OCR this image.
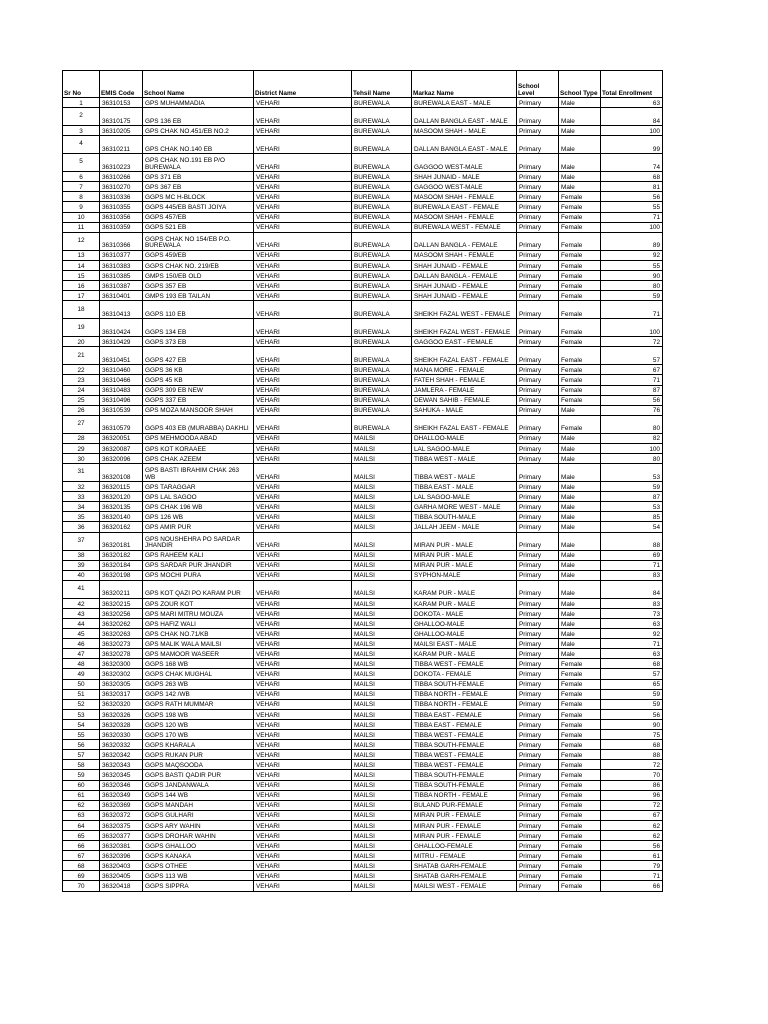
Sr No	EMIS Code	School Name	District Name	Tehsil Name	Markaz Name	School Level	School Type	Total Enrollment
1	36310153	GPS MUHAMMADIA	VEHARI	BUREWALA	BUREWALA EAST - MALE	Primary	Male	63
2	36310175	GPS 136 EB	VEHARI	BUREWALA	DALLAN BANGLA EAST - MALE	Primary	Male	84
3	36310205	GPS CHAK NO.451/EB NO.2	VEHARI	BUREWALA	MASOOM SHAH - MALE	Primary	Male	100
4	36310211	GPS CHAK NO.140 EB	VEHARI	BUREWALA	DALLAN BANGLA EAST - MALE	Primary	Male	99
5	36310223	GPS CHAK NO.191 EB P/O BUREWALA	VEHARI	BUREWALA	GAGGOO WEST-MALE	Primary	Male	74
6	36310266	GPS 371 EB	VEHARI	BUREWALA	SHAH JUNAID - MALE	Primary	Male	68
7	36310270	GPS 367 EB	VEHARI	BUREWALA	GAGGOO WEST-MALE	Primary	Male	81
8	36310336	GGPS MC H-BLOCK	VEHARI	BUREWALA	MASOOM SHAH - FEMALE	Primary	Female	56
9	36310355	GGPS 445/EB BASTI JOIYA	VEHARI	BUREWALA	BUREWALA EAST - FEMALE	Primary	Female	55
10	36310356	GGPS 457/EB	VEHARI	BUREWALA	MASOOM SHAH - FEMALE	Primary	Female	71
11	36310359	GGPS 521 EB	VEHARI	BUREWALA	BUREWALA WEST - FEMALE	Primary	Female	100
12	36310366	GGPS CHAK NO 154/EB P.O. BUREWALA	VEHARI	BUREWALA	DALLAN BANGLA - FEMALE	Primary	Female	89
13	36310377	GGPS 459/EB	VEHARI	BUREWALA	MASOOM SHAH - FEMALE	Primary	Female	92
14	36310383	GGPS CHAK NO. 219/EB	VEHARI	BUREWALA	SHAH JUNAID - FEMALE	Primary	Female	55
15	36310385	GMPS 150/EB OLD	VEHARI	BUREWALA	DALLAN BANGLA - FEMALE	Primary	Female	90
16	36310387	GGPS 357 EB	VEHARI	BUREWALA	SHAH JUNAID - FEMALE	Primary	Female	80
17	36310401	GMPS 193 EB TAILAN	VEHARI	BUREWALA	SHAH JUNAID - FEMALE	Primary	Female	59
18	36310413	GGPS 110 EB	VEHARI	BUREWALA	SHEIKH FAZAL WEST - FEMALE	Primary	Female	71
19	36310424	GGPS 134 EB	VEHARI	BUREWALA	SHEIKH FAZAL WEST - FEMALE	Primary	Female	100
20	36310429	GGPS 373 EB	VEHARI	BUREWALA	GAGGOO EAST - FEMALE	Primary	Female	72
21	36310451	GGPS 427 EB	VEHARI	BUREWALA	SHEIKH FAZAL EAST - FEMALE	Primary	Female	57
22	36310460	GGPS 36 KB	VEHARI	BUREWALA	MANA MORE - FEMALE	Primary	Female	67
23	36310466	GGPS 45 KB	VEHARI	BUREWALA	FATEH SHAH - FEMALE	Primary	Female	71
24	36310483	GGPS 309 EB NEW	VEHARI	BUREWALA	JAMLERA - FEMALE	Primary	Female	87
25	36310496	GGPS 337 EB	VEHARI	BUREWALA	DEWAN SAHIB - FEMALE	Primary	Female	56
26	36310539	GPS MOZA MANSOOR SHAH	VEHARI	BUREWALA	SAHUKA - MALE	Primary	Male	76
27	36310579	GGPS 403 EB (MURABBA) DAKHLI	VEHARI	BUREWALA	SHEIKH FAZAL EAST - FEMALE	Primary	Female	80
28	36320051	GPS MEHMOODA ABAD	VEHARI	MAILSI	DHALLOO-MALE	Primary	Male	82
29	36320087	GPS KOT KORAAEE	VEHARI	MAILSI	LAL SAGOO-MALE	Primary	Male	100
30	36320096	GPS CHAK AZEEM	VEHARI	MAILSI	TIBBA WEST - MALE	Primary	Male	80
31	36320108	GPS BASTI IBRAHIM CHAK 263 WB	VEHARI	MAILSI	TIBBA WEST - MALE	Primary	Male	53
32	36320115	GPS TARAGGAR	VEHARI	MAILSI	TIBBA EAST - MALE	Primary	Male	59
33	36320120	GPS LAL SAGOO	VEHARI	MAILSI	LAL SAGOO-MALE	Primary	Male	87
34	36320135	GPS CHAK 196 WB	VEHARI	MAILSI	GARHA MORE WEST - MALE	Primary	Male	53
35	36320140	GPS 126 WB	VEHARI	MAILSI	TIBBA SOUTH-MALE	Primary	Male	85
36	36320162	GPS AMIR PUR	VEHARI	MAILSI	JALLAH JEEM - MALE	Primary	Male	54
37	36320181	GPS NOUSHEHRA PO SARDAR JHANDIR	VEHARI	MAILSI	MIRAN PUR - MALE	Primary	Male	88
38	36320182	GPS RAHEEM KALI	VEHARI	MAILSI	MIRAN PUR - MALE	Primary	Male	69
39	36320184	GPS SARDAR PUR JHANDIR	VEHARI	MAILSI	MIRAN PUR - MALE	Primary	Male	71
40	36320198	GPS MOCHI PURA	VEHARI	MAILSI	SYPHON-MALE	Primary	Male	83
41	36320211	GPS KOT QAZI PO KARAM PUR	VEHARI	MAILSI	KARAM PUR - MALE	Primary	Male	84
42	36320215	GPS ZOUR KOT	VEHARI	MAILSI	KARAM PUR - MALE	Primary	Male	83
43	36320256	GPS MARI MITRU MOUZA	VEHARI	MAILSI	DOKOTA - MALE	Primary	Male	73
44	36320262	GPS HAFIZ WALI	VEHARI	MAILSI	GHALLOO-MALE	Primary	Male	63
45	36320263	GPS CHAK NO.71/KB	VEHARI	MAILSI	GHALLOO-MALE	Primary	Male	92
46	36320273	GPS MALIK WALA MAILSI	VEHARI	MAILSI	MAILSI EAST - MALE	Primary	Male	71
47	36320278	GPS MAMOOR WASEER	VEHARI	MAILSI	KARAM PUR - MALE	Primary	Male	63
48	36320300	GGPS 168 WB	VEHARI	MAILSI	TIBBA WEST - FEMALE	Primary	Female	68
49	36320302	GGPS CHAK MUGHAL	VEHARI	MAILSI	DOKOTA - FEMALE	Primary	Female	57
50	36320305	GGPS 263 WB	VEHARI	MAILSI	TIBBA SOUTH-FEMALE	Primary	Female	65
51	36320317	GGPS 142 /WB	VEHARI	MAILSI	TIBBA NORTH - FEMALE	Primary	Female	59
52	36320320	GGPS RATH MUMMAR	VEHARI	MAILSI	TIBBA NORTH - FEMALE	Primary	Female	59
53	36320326	GGPS 198 WB	VEHARI	MAILSI	TIBBA EAST - FEMALE	Primary	Female	56
54	36320328	GGPS 120 WB	VEHARI	MAILSI	TIBBA EAST - FEMALE	Primary	Female	90
55	36320330	GGPS 170 WB	VEHARI	MAILSI	TIBBA WEST - FEMALE	Primary	Female	75
56	36320332	GGPS KHARALA	VEHARI	MAILSI	TIBBA SOUTH-FEMALE	Primary	Female	68
57	36320342	GGPS RUKAN PUR	VEHARI	MAILSI	TIBBA WEST - FEMALE	Primary	Female	88
58	36320343	GGPS MAQSOODA	VEHARI	MAILSI	TIBBA WEST - FEMALE	Primary	Female	72
59	36320345	GGPS BASTI QADIR PUR	VEHARI	MAILSI	TIBBA SOUTH-FEMALE	Primary	Female	70
60	36320346	GGPS JANDANWALA	VEHARI	MAILSI	TIBBA SOUTH-FEMALE	Primary	Female	86
61	36320349	GGPS 144 WB	VEHARI	MAILSI	TIBBA NORTH - FEMALE	Primary	Female	96
62	36320369	GGPS MANDAH	VEHARI	MAILSI	BULAND PUR-FEMALE	Primary	Female	72
63	36320372	GGPS GULHARI	VEHARI	MAILSI	MIRAN PUR - FEMALE	Primary	Female	67
64	36320375	GGPS ARY WAHIN	VEHARI	MAILSI	MIRAN PUR - FEMALE	Primary	Female	62
65	36320377	GGPS DROHAR WAHIN	VEHARI	MAILSI	MIRAN PUR - FEMALE	Primary	Female	62
66	36320381	GGPS GHALLOO	VEHARI	MAILSI	GHALLOO-FEMALE	Primary	Female	56
67	36320396	GGPS KANAKA	VEHARI	MAILSI	MITRU - FEMALE	Primary	Female	61
68	36320403	GGPS OTHEE	VEHARI	MAILSI	SHATAB GARH-FEMALE	Primary	Female	79
69	36320405	GGPS 113 WB	VEHARI	MAILSI	SHATAB GARH-FEMALE	Primary	Female	71
70	36320418	GGPS SIPPRA	VEHARI	MAILSI	MAILSI WEST - FEMALE	Primary	Female	66
